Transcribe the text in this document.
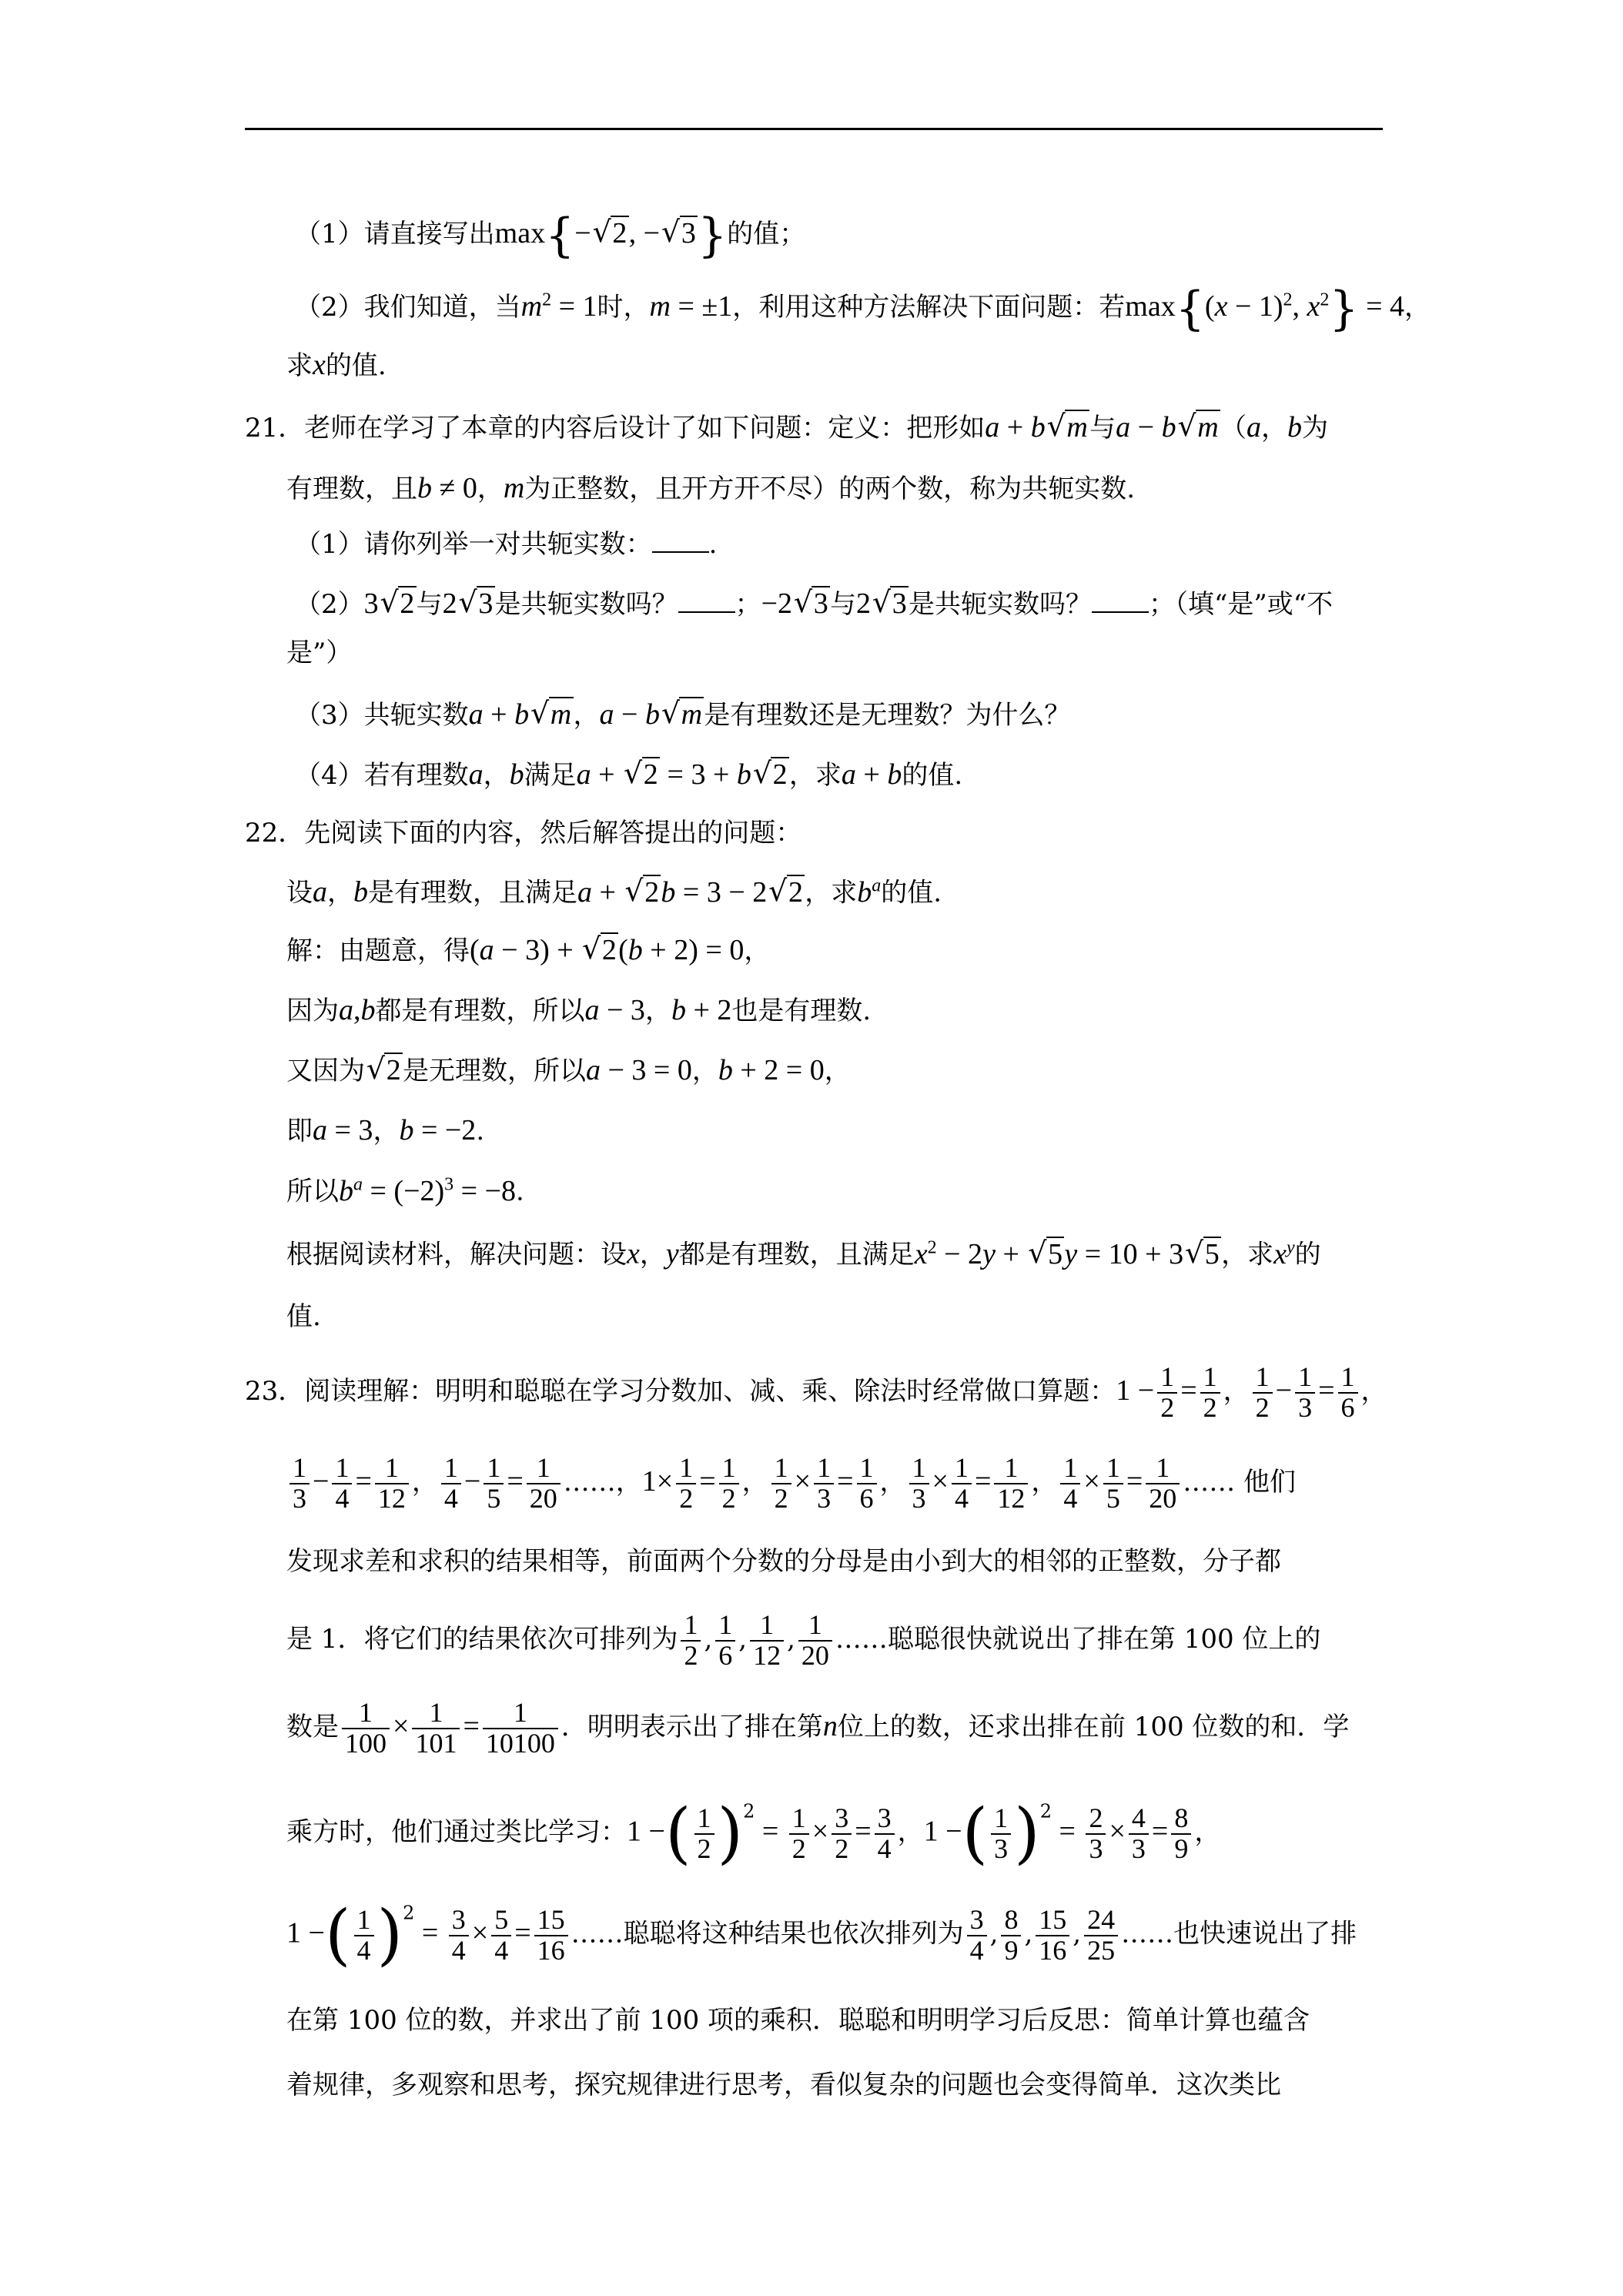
（1）请直接写出max{− √ 2, − √ 3}的值；
（2）我们知道，当$m^2 = 1$时，m = ±1，利用这种方法解决下面问题：若$\max\{(x - 1)^2$, $x^2\} = 4$，
求x的值.
21．老师在学习了本章的内容后设计了如下问题：定义：把形如a + b √ m与a − b √ m（a，b为
有理数，且b ≠ 0，m为正整数，且开方开不尽）的两个数，称为共轭实数.
（1）请你列举一对共轭实数： .
（2）3 √ 2与2 √ 3是共轭实数吗？ ；−2 √ 3与2 √ 3是共轭实数吗？ ；（填“是”或“不
是”）
（3）共轭实数a + b √ m，a − b √ m是有理数还是无理数？为什么？
（4）若有理数a，b满足a + √ 2 = 3 + b √ 2，求a + b的值.
22．先阅读下面的内容，然后解答提出的问题：
设a，b是有理数，且满足a + √ 2b = 3 − 2 √ 2，求$b^a$的值.
解：由题意，得(a − 3) + √ 2(b + 2) = 0，
因为a,b都是有理数，所以a − 3，b + 2也是有理数.
又因为 √ 2是无理数，所以a − 3 = 0，b + 2 = 0，
即a = 3，b = −2.
所以$b^a = (-2)^3 = -8$.
根据阅读材料，解决问题：设x，y都是有理数，且满足$x^2 - 2y$ + √ 5y = 10 + 3 √ 5，求$x^y$的
值.
23．阅读理解：明明和聪聪在学习分数加、减、乘、除法时经常做口算题：$1 - \frac{1}{2} = \frac{1}{2}$ ， $\frac{1}{2} - \frac{1}{3} = \frac{1}{6}$ ，
$\frac{1}{3} - \frac{1}{4} = \frac{1}{12}$ ， $\frac{1}{4} - \frac{1}{5} = \frac{1}{20}$ ……，$1\times \frac{1}{2} = \frac{1}{2}$ ， $\frac{1}{2} \times \frac{1}{3} = \frac{1}{6}$ ， $\frac{1}{3} \times \frac{1}{4} = \frac{1}{12}$ ， $\frac{1}{4} \times \frac{1}{5} = \frac{1}{20}$ …… 他们
发现求差和求积的结果相等，前面两个分数的分母是由小到大的相邻的正整数，分子都
是 1．将它们的结果依次可排列为 $\frac{1}{2}$ , $\frac{1}{6}$ , $\frac{1}{12}$ , $\frac{1}{20}$ ……聪聪很快就说出了排在第 100 位上的
数是 $\frac{1}{100} \times \frac{1}{101} = \frac{1}{10100}$ ．明明表示出了排在第n位上的数，还求出排在前 100 位数的和．学
乘方时，他们通过类比学习：1 −( $\frac{1}{2} )^2 = \frac{1}{2} \times \frac{3}{2} = \frac{3}{4}$ ，1 −( $\frac{1}{3} )^2 = \frac{2}{3} \times \frac{4}{3} = \frac{8}{9}$ ，
1 −( $\frac{1}{4} )^2 = \frac{3}{4} \times \frac{5}{4} = \frac{15}{16}$ ……聪聪将这种结果也依次排列为 $\frac{3}{4}$ , $\frac{8}{9}$ , $\frac{15}{16}$ , $\frac{24}{25}$ ……也快速说出了排
在第 100 位的数，并求出了前 100 项的乘积．聪聪和明明学习后反思：简单计算也蕴含
着规律，多观察和思考，探究规律进行思考，看似复杂的问题也会变得简单．这次类比
